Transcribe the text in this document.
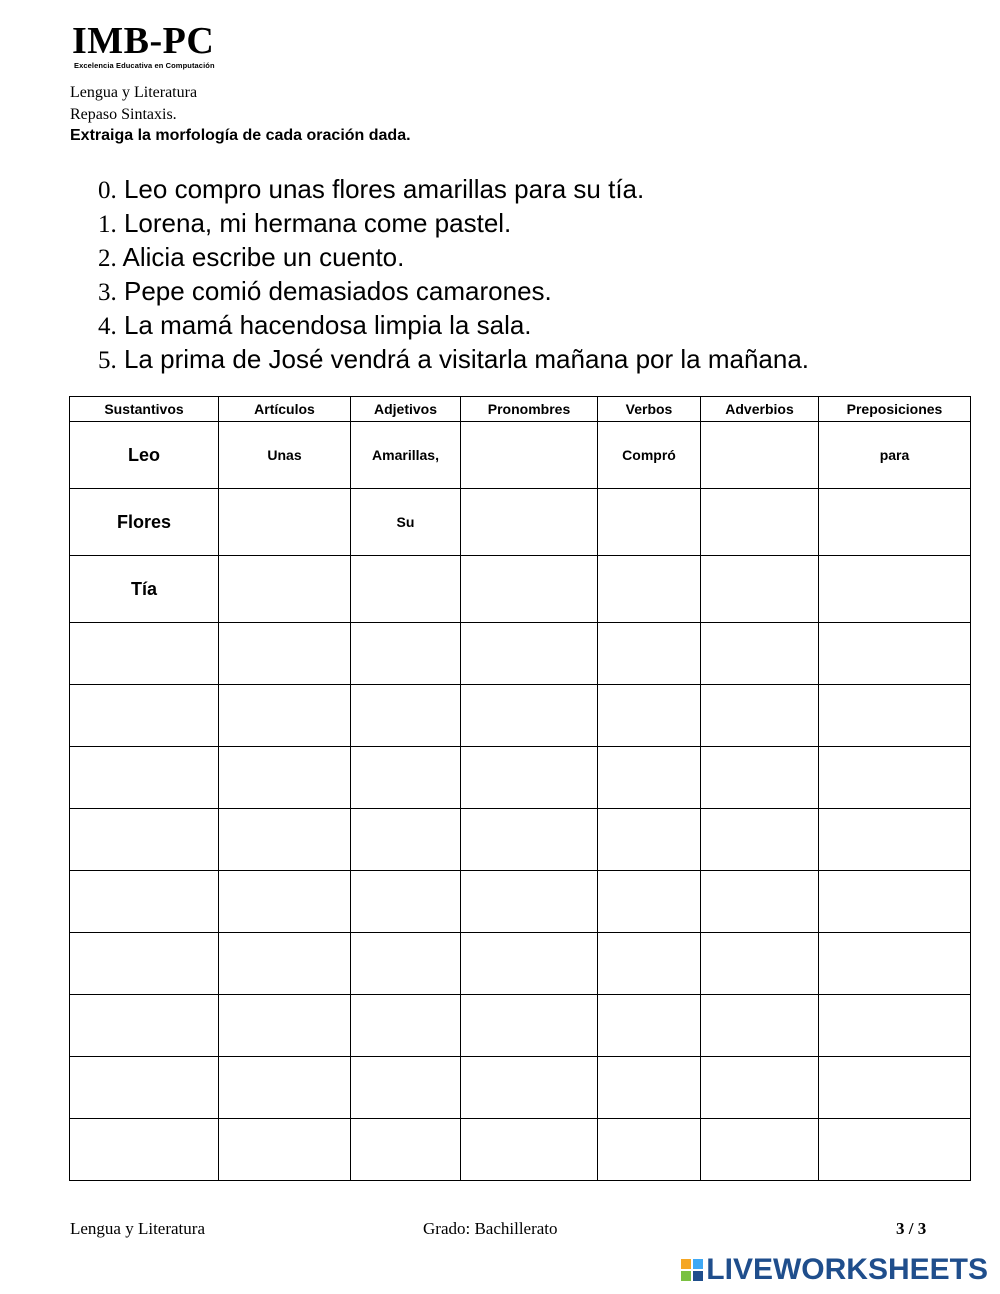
IMB-PC
Excelencia Educativa en Computación
Lengua y Literatura
Repaso Sintaxis.
Extraiga la morfología de cada oración dada.
0. Leo compro unas flores amarillas para su tía.
1. Lorena, mi hermana come pastel.
2. Alicia escribe un cuento.
3. Pepe comió demasiados camarones.
4. La mamá hacendosa limpia la sala.
5. La prima de José vendrá a visitarla mañana por la mañana.
Sustantivos	Artículos	Adjetivos	Pronombres	Verbos	Adverbios	Preposiciones
Leo	Unas	Amarillas,		Compró		para
Flores		Su				
Tía						

Lengua y Literatura	Grado: Bachillerato	3 / 3
LIVEWORKSHEETS
